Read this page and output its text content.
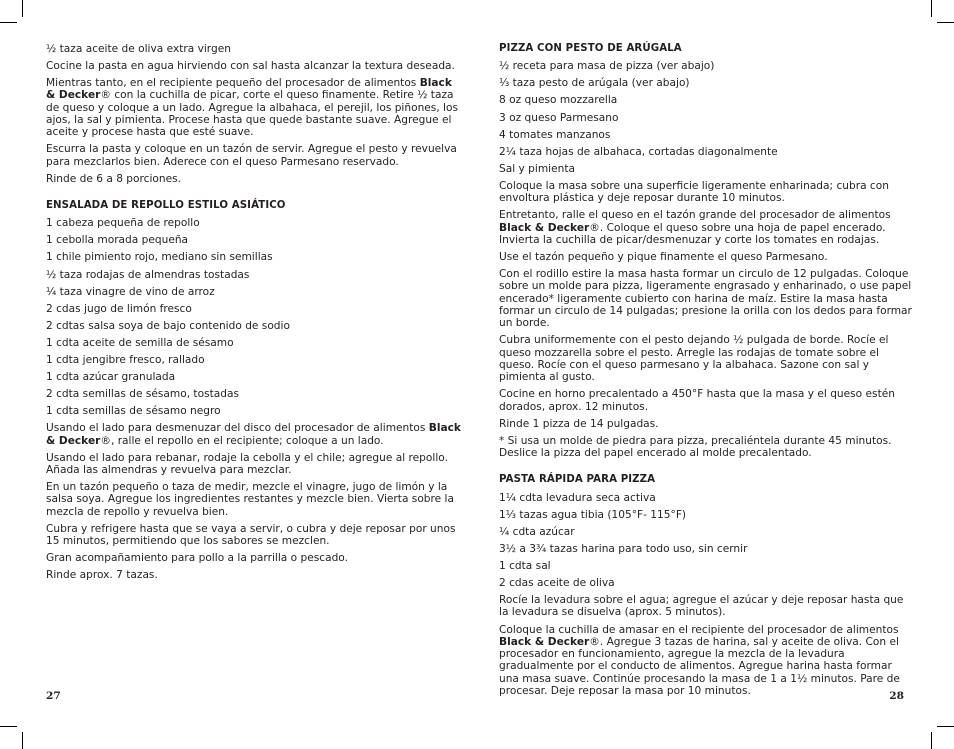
½ taza aceite de oliva extra virgen
Cocine la pasta en agua hirviendo con sal hasta alcanzar la textura deseada.
Mientras tanto, en el recipiente pequeño del procesador de alimentos Black & Decker® con la cuchilla de picar, corte el queso finamente. Retire ½ taza de queso y coloque a un lado. Agregue la albahaca, el perejil, los piñones, los ajos, la sal y pimienta. Procese hasta que quede bastante suave. Agregue el aceite y procese hasta que esté suave.
Escurra la pasta y coloque en un tazón de servir. Agregue el pesto y revuelva para mezclarlos bien. Aderece con el queso Parmesano reservado.
Rinde de 6 a 8 porciones.
ENSALADA DE REPOLLO ESTILO ASIÁTICO
1 cabeza pequeña de repollo
1 cebolla morada pequeña
1 chile pimiento rojo, mediano sin semillas
½ taza rodajas de almendras tostadas
¼ taza vinagre de vino de arroz
2 cdas jugo de limón fresco
2 cdtas salsa soya de bajo contenido de sodio
1 cdta aceite de semilla de sésamo
1 cdta jengibre fresco, rallado
1 cdta azúcar granulada
2 cdta semillas de sésamo, tostadas
1 cdta semillas de sésamo negro
Usando el lado para desmenuzar del disco del procesador de alimentos Black & Decker®, ralle el repollo en el recipiente; coloque a un lado.
Usando el lado para rebanar, rodaje la cebolla y el chile; agregue al repollo. Añada las almendras y revuelva para mezclar.
En un tazón pequeño o taza de medir, mezcle el vinagre, jugo de limón y la salsa soya. Agregue los ingredientes restantes y mezcle bien. Vierta sobre la mezcla de repollo y revuelva bien.
Cubra y refrigere hasta que se vaya a servir, o cubra y deje reposar por unos 15 minutos, permitiendo que los sabores se mezclen.
Gran acompañamiento para pollo a la parrilla o pescado.
Rinde aprox. 7 tazas.
PIZZA CON PESTO DE ARÚGALA
½ receta para masa de pizza (ver abajo)
⅓ taza pesto de arúgala (ver abajo)
8 oz queso mozzarella
3 oz queso Parmesano
4 tomates manzanos
2¼ taza hojas de albahaca, cortadas diagonalmente
Sal y pimienta
Coloque la masa sobre una superficie ligeramente enharinada; cubra con envoltura plástica y deje reposar durante 10 minutos.
Entretanto, ralle el queso en el tazón grande del procesador de alimentos Black & Decker®. Coloque el queso sobre una hoja de papel encerado. Invierta la cuchilla de picar/desmenuzar y corte los tomates en rodajas.
Use el tazón pequeño y pique finamente el queso Parmesano.
Con el rodillo estire la masa hasta formar un circulo de 12 pulgadas. Coloque sobre un molde para pizza, ligeramente engrasado y enharinado, o use papel encerado* ligeramente cubierto con harina de maíz. Estire la masa hasta formar un circulo de 14 pulgadas; presione la orilla con los dedos para formar un borde.
Cubra uniformemente con el pesto dejando ½ pulgada de borde. Rocíe el queso mozzarella sobre el pesto. Arregle las rodajas de tomate sobre el queso. Rocíe con el queso parmesano y la albahaca. Sazone con sal y pimienta al gusto.
Cocine en horno precalentado a 450°F hasta que la masa y el queso estén dorados, aprox. 12 minutos.
Rinde 1 pizza de 14 pulgadas.
* Si usa un molde de piedra para pizza, precaliéntela durante 45 minutos. Deslice la pizza del papel encerado al molde precalentado.
PASTA RÁPIDA PARA PIZZA
1¼ cdta levadura seca activa
1⅓ tazas agua tibia (105°F- 115°F)
¼ cdta azúcar
3½ a 3¾ tazas harina para todo uso, sin cernir
1 cdta sal
2 cdas aceite de oliva
Rocíe la levadura sobre el agua; agregue el azúcar y deje reposar hasta que la levadura se disuelva (aprox. 5 minutos).
Coloque la cuchilla de amasar en el recipiente del procesador de alimentos Black & Decker®. Agregue 3 tazas de harina, sal y aceite de oliva. Con el procesador en funcionamiento, agregue la mezcla de la levadura gradualmente por el conducto de alimentos. Agregue harina hasta formar una masa suave. Continúe procesando la masa de 1 a 1½ minutos. Pare de procesar. Deje reposar la masa por 10 minutos.
27	28
